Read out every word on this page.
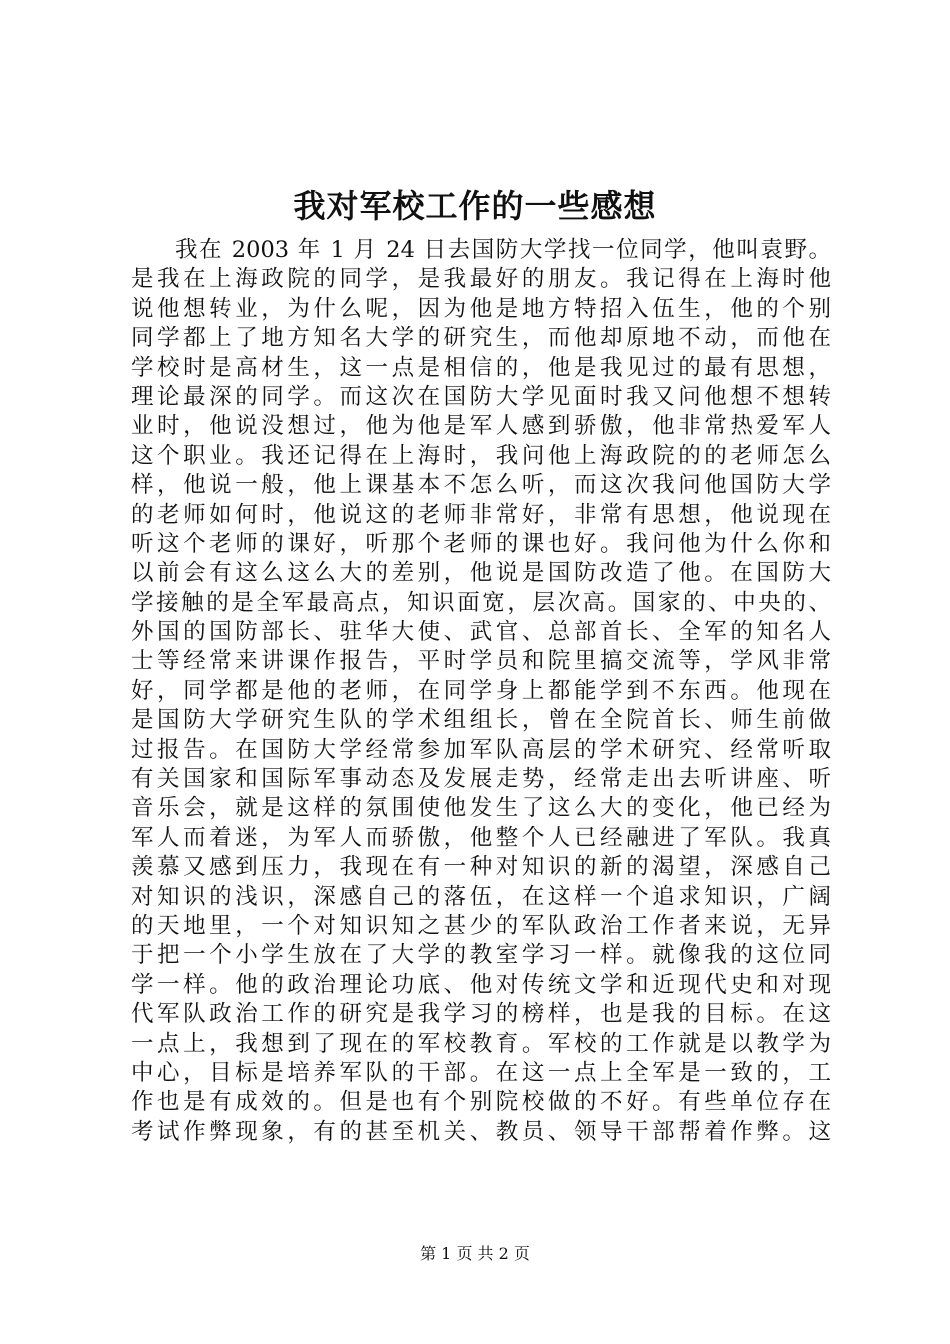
我对军校工作的一些感想
我在 2003 年 1 月 24 日去国防大学找一位同学，他叫袁野。
是我在上海政院的同学，是我最好的朋友。我记得在上海时他
说他想转业，为什么呢，因为他是地方特招入伍生，他的个别
同学都上了地方知名大学的研究生，而他却原地不动，而他在
学校时是高材生，这一点是相信的，他是我见过的最有思想，
理论最深的同学。而这次在国防大学见面时我又问他想不想转
业时，他说没想过，他为他是军人感到骄傲，他非常热爱军人
这个职业。我还记得在上海时，我问他上海政院的的老师怎么
样，他说一般，他上课基本不怎么听，而这次我问他国防大学
的老师如何时，他说这的老师非常好，非常有思想，他说现在
听这个老师的课好，听那个老师的课也好。我问他为什么你和
以前会有这么这么大的差别，他说是国防改造了他。在国防大
学接触的是全军最高点，知识面宽，层次高。国家的、中央的、
外国的国防部长、驻华大使、武官、总部首长、全军的知名人
士等经常来讲课作报告，平时学员和院里搞交流等，学风非常
好，同学都是他的老师，在同学身上都能学到不东西。他现在
是国防大学研究生队的学术组组长，曾在全院首长、师生前做
过报告。在国防大学经常参加军队高层的学术研究、经常听取
有关国家和国际军事动态及发展走势，经常走出去听讲座、听
音乐会，就是这样的氛围使他发生了这么大的变化，他已经为
军人而着迷，为军人而骄傲，他整个人已经融进了军队。我真
羡慕又感到压力，我现在有一种对知识的新的渴望，深感自己
对知识的浅识，深感自己的落伍，在这样一个追求知识，广阔
的天地里，一个对知识知之甚少的军队政治工作者来说，无异
于把一个小学生放在了大学的教室学习一样。就像我的这位同
学一样。他的政治理论功底、他对传统文学和近现代史和对现
代军队政治工作的研究是我学习的榜样，也是我的目标。在这
一点上，我想到了现在的军校教育。军校的工作就是以教学为
中心，目标是培养军队的干部。在这一点上全军是一致的，工
作也是有成效的。但是也有个别院校做的不好。有些单位存在
考试作弊现象，有的甚至机关、教员、领导干部帮着作弊。这
第 1 页 共 2 页
